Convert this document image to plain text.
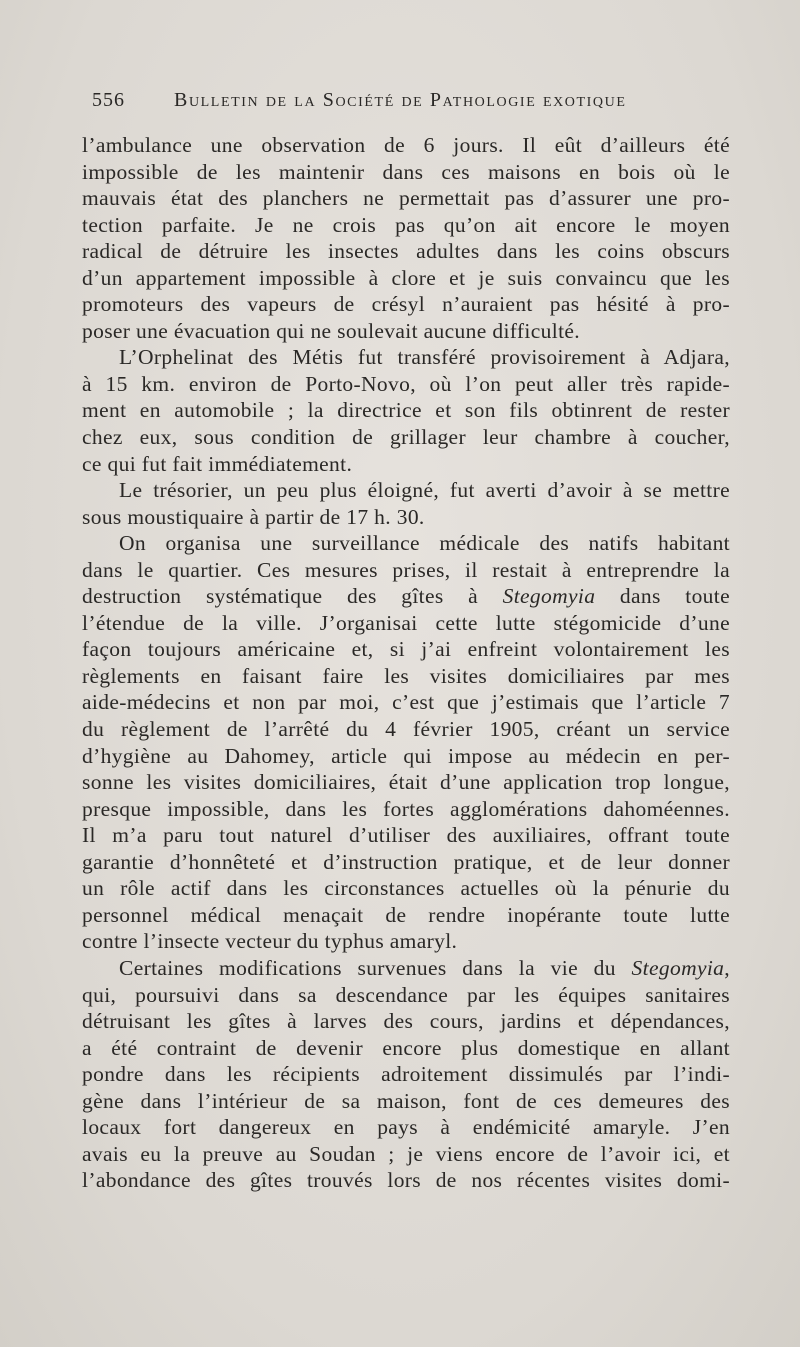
556 Bulletin de la Société de Pathologie exotique
l’ambulance une observation de 6 jours. Il eût d’ailleurs été
impossible de les maintenir dans ces maisons en bois où le
mauvais état des planchers ne permettait pas d’assurer une pro-
tection parfaite. Je ne crois pas qu’on ait encore le moyen
radical de détruire les insectes adultes dans les coins obscurs
d’un appartement impossible à clore et je suis convaincu que les
promoteurs des vapeurs de crésyl n’auraient pas hésité à pro-
poser une évacuation qui ne soulevait aucune difficulté.
L’Orphelinat des Métis fut transféré provisoirement à Adjara,
à 15 km. environ de Porto-Novo, où l’on peut aller très rapide-
ment en automobile ; la directrice et son fils obtinrent de rester
chez eux, sous condition de grillager leur chambre à coucher,
ce qui fut fait immédiatement.
Le trésorier, un peu plus éloigné, fut averti d’avoir à se mettre
sous moustiquaire à partir de 17 h. 30.
On organisa une surveillance médicale des natifs habitant
dans le quartier. Ces mesures prises, il restait à entreprendre la
destruction systématique des gîtes à Stegomyia dans toute
l’étendue de la ville. J’organisai cette lutte stégomicide d’une
façon toujours américaine et, si j’ai enfreint volontairement les
règlements en faisant faire les visites domiciliaires par mes
aide-médecins et non par moi, c’est que j’estimais que l’article 7
du règlement de l’arrêté du 4 février 1905, créant un service
d’hygiène au Dahomey, article qui impose au médecin en per-
sonne les visites domiciliaires, était d’une application trop longue,
presque impossible, dans les fortes agglomérations dahoméennes.
Il m’a paru tout naturel d’utiliser des auxiliaires, offrant toute
garantie d’honnêteté et d’instruction pratique, et de leur donner
un rôle actif dans les circonstances actuelles où la pénurie du
personnel médical menaçait de rendre inopérante toute lutte
contre l’insecte vecteur du typhus amaryl.
Certaines modifications survenues dans la vie du Stegomyia,
qui, poursuivi dans sa descendance par les équipes sanitaires
détruisant les gîtes à larves des cours, jardins et dépendances,
a été contraint de devenir encore plus domestique en allant
pondre dans les récipients adroitement dissimulés par l’indi-
gène dans l’intérieur de sa maison, font de ces demeures des
locaux fort dangereux en pays à endémicité amaryle. J’en
avais eu la preuve au Soudan ; je viens encore de l’avoir ici, et
l’abondance des gîtes trouvés lors de nos récentes visites domi-
